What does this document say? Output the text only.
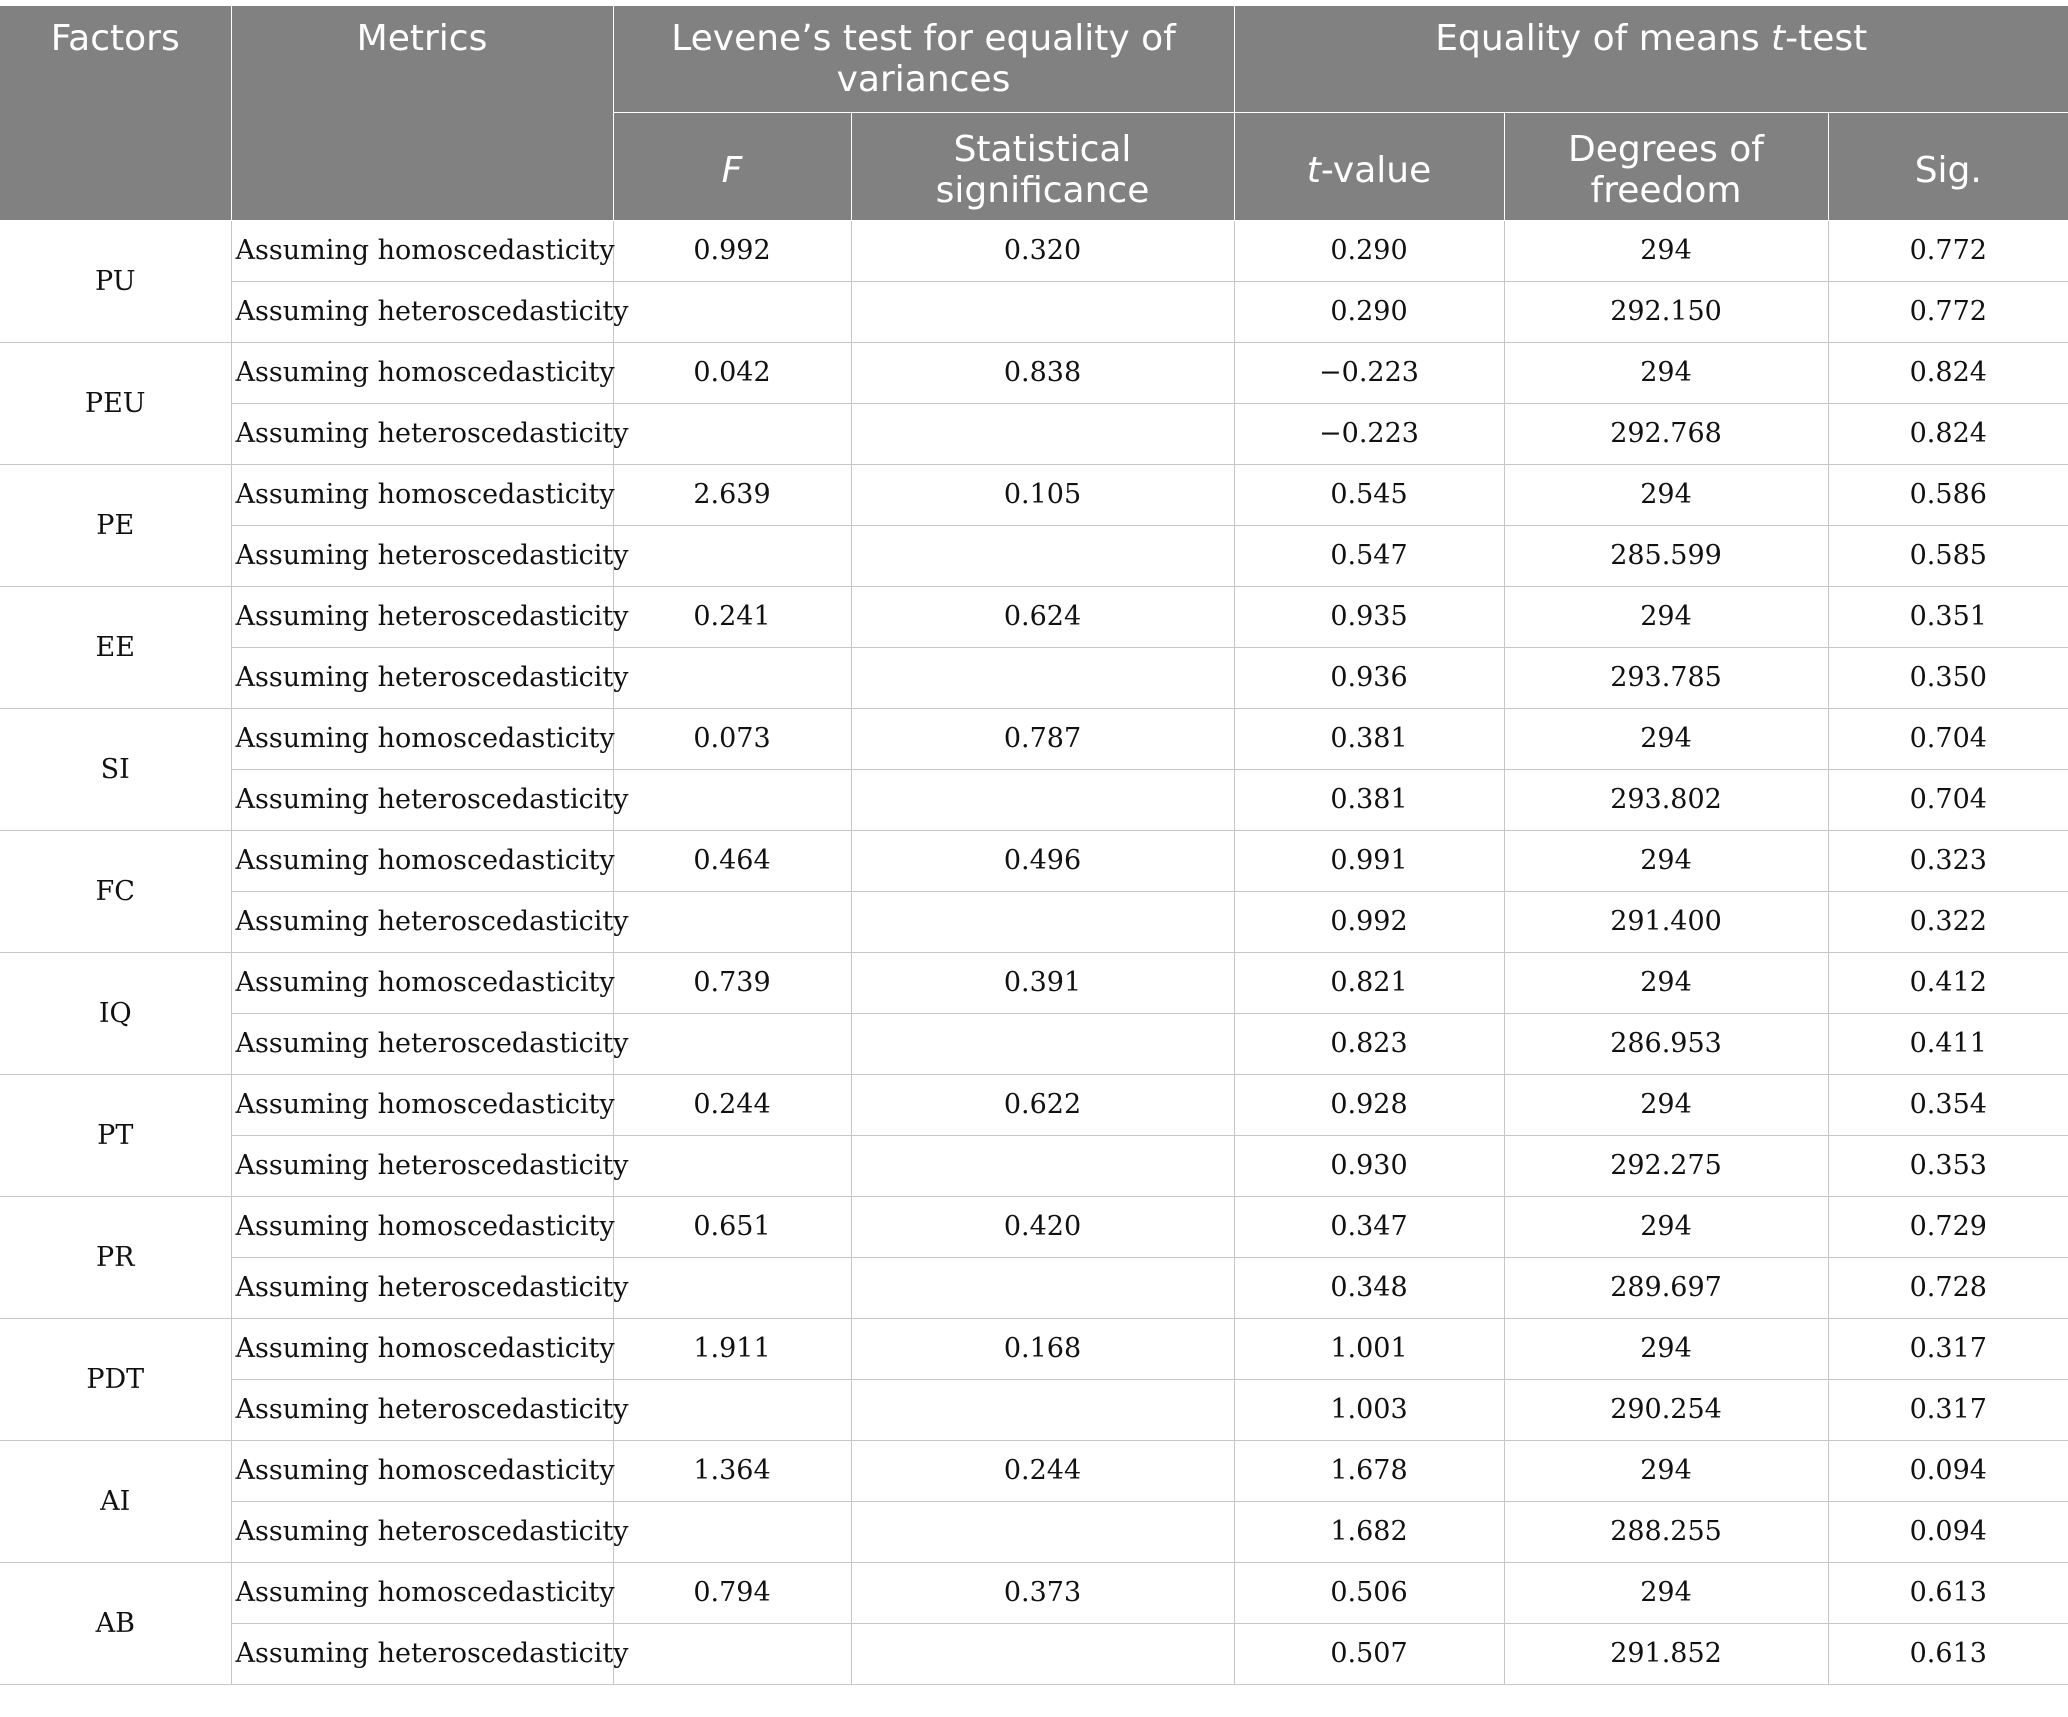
Factors	Metrics	Levene’s test for equality of variances		Equality of means t-test		
		F	Statistical significance	t-value	Degrees of freedom	Sig.
PU	Assuming homoscedasticity	0.992	0.320	0.290	294	0.772
	Assuming heteroscedasticity			0.290	292.150	0.772
PEU	Assuming homoscedasticity	0.042	0.838	−0.223	294	0.824
	Assuming heteroscedasticity			−0.223	292.768	0.824
PE	Assuming homoscedasticity	2.639	0.105	0.545	294	0.586
	Assuming heteroscedasticity			0.547	285.599	0.585
EE	Assuming heteroscedasticity	0.241	0.624	0.935	294	0.351
	Assuming heteroscedasticity			0.936	293.785	0.350
SI	Assuming homoscedasticity	0.073	0.787	0.381	294	0.704
	Assuming heteroscedasticity			0.381	293.802	0.704
FC	Assuming homoscedasticity	0.464	0.496	0.991	294	0.323
	Assuming heteroscedasticity			0.992	291.400	0.322
IQ	Assuming homoscedasticity	0.739	0.391	0.821	294	0.412
	Assuming heteroscedasticity			0.823	286.953	0.411
PT	Assuming homoscedasticity	0.244	0.622	0.928	294	0.354
	Assuming heteroscedasticity			0.930	292.275	0.353
PR	Assuming homoscedasticity	0.651	0.420	0.347	294	0.729
	Assuming heteroscedasticity			0.348	289.697	0.728
PDT	Assuming homoscedasticity	1.911	0.168	1.001	294	0.317
	Assuming heteroscedasticity			1.003	290.254	0.317
AI	Assuming homoscedasticity	1.364	0.244	1.678	294	0.094
	Assuming heteroscedasticity			1.682	288.255	0.094
AB	Assuming homoscedasticity	0.794	0.373	0.506	294	0.613
	Assuming heteroscedasticity			0.507	291.852	0.613
